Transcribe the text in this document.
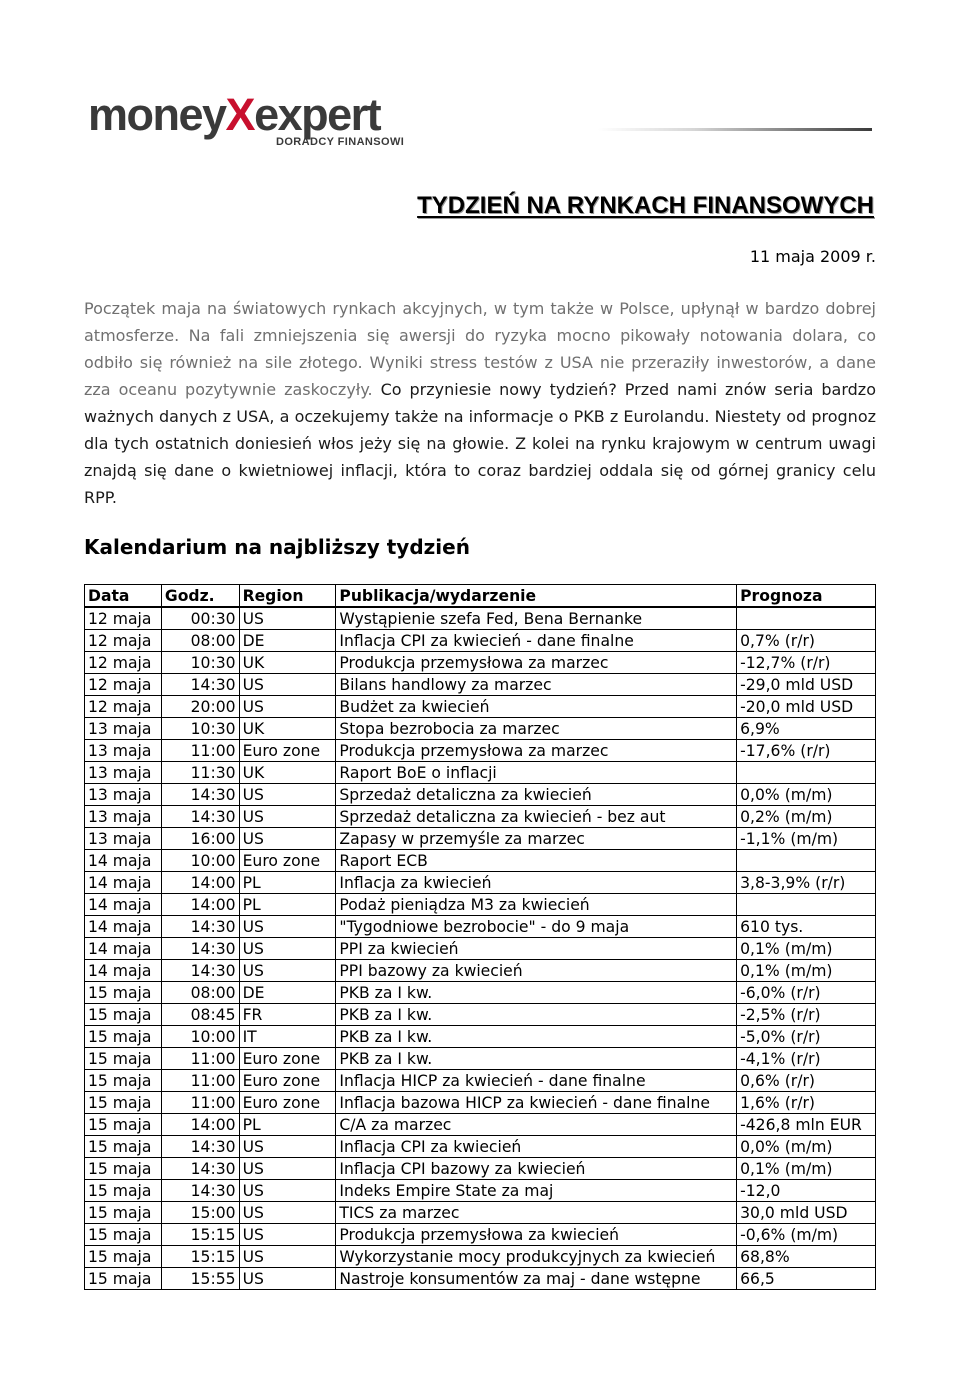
moneyXexpert
DORADCY FINANSOWI
TYDZIEŃ NA RYNKACH FINANSOWYCH
11 maja 2009 r.

Początek maja na światowych rynkach akcyjnych, w tym także w Polsce, upłynął w bardzo dobrej atmosferze. Na fali zmniejszenia się awersji do ryzyka mocno pikowały notowania dolara, co odbiło się również na sile złotego. Wyniki stress testów z USA nie przeraziły inwestorów, a dane zza oceanu pozytywnie zaskoczyły. Co przyniesie nowy tydzień? Przed nami znów seria bardzo ważnych danych z USA, a oczekujemy także na informacje o PKB z Eurolandu. Niestety od prognoz dla tych ostatnich doniesień włos jeży się na głowie. Z kolei na rynku krajowym w centrum uwagi znajdą się dane o kwietniowej inflacji, która to coraz bardziej oddala się od górnej granicy celu RPP.

Kalendarium na najbliższy tydzień
Data	Godz.	Region	Publikacja/wydarzenie	Prognoza
12 maja	00:30	US	Wystąpienie szefa Fed, Bena Bernanke	
12 maja	08:00	DE	Inflacja CPI za kwiecień - dane finalne	0,7% (r/r)
12 maja	10:30	UK	Produkcja przemysłowa za marzec	-12,7% (r/r)
12 maja	14:30	US	Bilans handlowy za marzec	-29,0 mld USD
12 maja	20:00	US	Budżet za kwiecień	-20,0 mld USD
13 maja	10:30	UK	Stopa bezrobocia za marzec	6,9%
13 maja	11:00	Euro zone	Produkcja przemysłowa za marzec	-17,6% (r/r)
13 maja	11:30	UK	Raport BoE o inflacji	
13 maja	14:30	US	Sprzedaż detaliczna za kwiecień	0,0% (m/m)
13 maja	14:30	US	Sprzedaż detaliczna za kwiecień - bez aut	0,2% (m/m)
13 maja	16:00	US	Zapasy w przemyśle za marzec	-1,1% (m/m)
14 maja	10:00	Euro zone	Raport ECB	
14 maja	14:00	PL	Inflacja za kwiecień	3,8-3,9% (r/r)
14 maja	14:00	PL	Podaż pieniądza M3 za kwiecień	
14 maja	14:30	US	"Tygodniowe bezrobocie" - do 9 maja	610 tys.
14 maja	14:30	US	PPI za kwiecień	0,1% (m/m)
14 maja	14:30	US	PPI bazowy za kwiecień	0,1% (m/m)
15 maja	08:00	DE	PKB za I kw.	-6,0% (r/r)
15 maja	08:45	FR	PKB za I kw.	-2,5% (r/r)
15 maja	10:00	IT	PKB za I kw.	-5,0% (r/r)
15 maja	11:00	Euro zone	PKB za I kw.	-4,1% (r/r)
15 maja	11:00	Euro zone	Inflacja HICP za kwiecień - dane finalne	0,6% (r/r)
15 maja	11:00	Euro zone	Inflacja bazowa HICP za kwiecień - dane finalne	1,6% (r/r)
15 maja	14:00	PL	C/A za marzec	-426,8 mln EUR
15 maja	14:30	US	Inflacja CPI za kwiecień	0,0% (m/m)
15 maja	14:30	US	Inflacja CPI bazowy za kwiecień	0,1% (m/m)
15 maja	14:30	US	Indeks Empire State za maj	-12,0
15 maja	15:00	US	TICS za marzec	30,0 mld USD
15 maja	15:15	US	Produkcja przemysłowa za kwiecień	-0,6% (m/m)
15 maja	15:15	US	Wykorzystanie mocy produkcyjnych za kwiecień	68,8%
15 maja	15:55	US	Nastroje konsumentów za maj - dane wstępne	66,5
